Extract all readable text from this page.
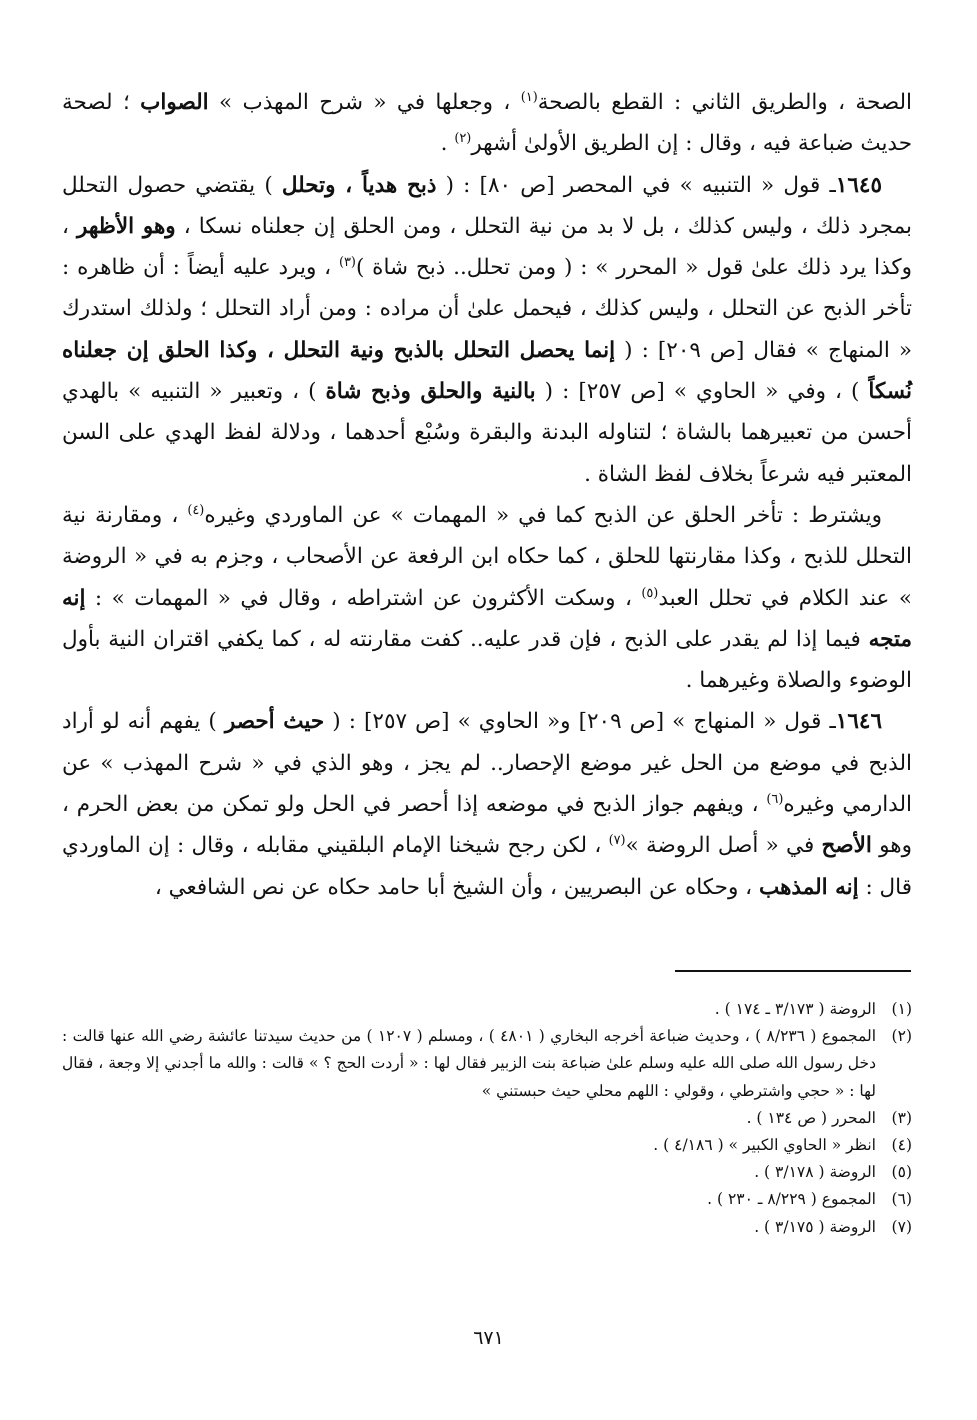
الصحة ، والطريق الثاني : القطع بالصحة$^{(١)}$ ، وجعلها في « شرح المهذب » الصواب ؛ لصحة حديث ضباعة فيه ، وقال : إن الطريق الأولىٰ أشهر$^{(٢)}$ .

١٦٤٥ـ قول « التنبيه » في المحصر [ص ٨٠] : ( ذبح هدياً ، وتحلل ) يقتضي حصول التحلل بمجرد ذلك ، وليس كذلك ، بل لا بد من نية التحلل ، ومن الحلق إن جعلناه نسكا ، وهو الأظهر ، وكذا يرد ذلك علىٰ قول « المحرر » : ( ومن تحلل.. ذبح شاة )$^{(٣)}$ ، ويرد عليه أيضاً : أن ظاهره : تأخر الذبح عن التحلل ، وليس كذلك ، فيحمل علىٰ أن مراده : ومن أراد التحلل ؛ ولذلك استدرك « المنهاج » فقال [ص ٢٠٩] : ( إنما يحصل التحلل بالذبح ونية التحلل ، وكذا الحلق إن جعلناه نُسكاً ) ، وفي « الحاوي » [ص ٢٥٧] : ( بالنية والحلق وذبح شاة ) ، وتعبير « التنبيه » بالهدي أحسن من تعبيرهما بالشاة ؛ لتناوله البدنة والبقرة وسُبْع أحدهما ، ودلالة لفظ الهدي على السن المعتبر فيه شرعاً بخلاف لفظ الشاة .

ويشترط : تأخر الحلق عن الذبح كما في « المهمات » عن الماوردي وغيره$^{(٤)}$ ، ومقارنة نية التحلل للذبح ، وكذا مقارنتها للحلق ، كما حكاه ابن الرفعة عن الأصحاب ، وجزم به في « الروضة » عند الكلام في تحلل العبد$^{(٥)}$ ، وسكت الأكثرون عن اشتراطه ، وقال في « المهمات » : إنه متجه فيما إذا لم يقدر على الذبح ، فإن قدر عليه.. كفت مقارنته له ، كما يكفي اقتران النية بأول الوضوء والصلاة وغيرهما .

١٦٤٦ـ قول « المنهاج » [ص ٢٠٩] و« الحاوي » [ص ٢٥٧] : ( حيث أحصر ) يفهم أنه لو أراد الذبح في موضع من الحل غير موضع الإحصار.. لم يجز ، وهو الذي في « شرح المهذب » عن الدارمي وغيره$^{(٦)}$ ، ويفهم جواز الذبح في موضعه إذا أحصر في الحل ولو تمكن من بعض الحرم ، وهو الأصح في « أصل الروضة »$^{(٧)}$ ، لكن رجح شيخنا الإمام البلقيني مقابله ، وقال : إن الماوردي قال : إنه المذهب ، وحكاه عن البصريين ، وأن الشيخ أبا حامد حكاه عن نص الشافعي ،

(١)
الروضة ( ٣/١٧٣ ـ ١٧٤ ) .
(٢)
المجموع ( ٨/٢٣٦ ) ، وحديث ضباعة أخرجه البخاري ( ٤٨٠١ ) ، ومسلم ( ١٢٠٧ ) من حديث سيدتنا عائشة رضي الله عنها قالت : دخل رسول الله صلى الله عليه وسلم علىٰ ضباعة بنت الزبير فقال لها : « أردت الحج ؟ » قالت : والله ما أجدني إلا وجعة ، فقال لها : « حجي واشترطي ، وقولي : اللهم محلي حيث حبستني »
(٣)
المحرر ( ص ١٣٤ ) .
(٤)
انظر « الحاوي الكبير » ( ٤/١٨٦ ) .
(٥)
الروضة ( ٣/١٧٨ ) .
(٦)
المجموع ( ٨/٢٢٩ ـ ٢٣٠ ) .
(٧)
الروضة ( ٣/١٧٥ ) .
٦٧١
